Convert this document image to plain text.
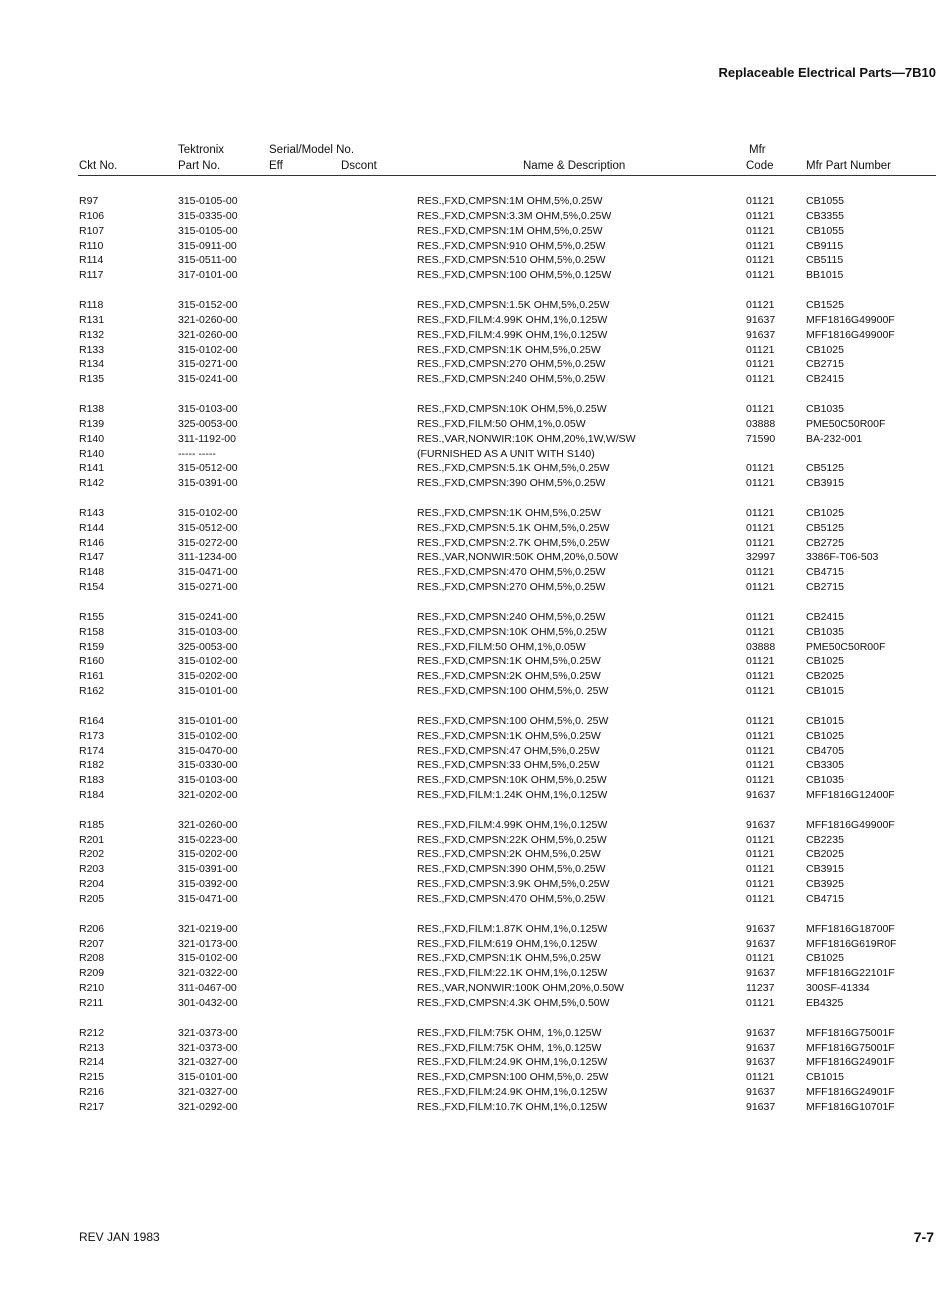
Replaceable Electrical Parts—7B10
Tektronix	Serial/Model No.	Mfr
Ckt No.	Part No.	Eff	Dscont	Name & Description	Code	Mfr Part Number
R97	315-0105-00	RES.,FXD,CMPSN:1M OHM,5%,0.25W	01121	CB1055
R106	315-0335-00	RES.,FXD,CMPSN:3.3M OHM,5%,0.25W	01121	CB3355
R107	315-0105-00	RES.,FXD,CMPSN:1M OHM,5%,0.25W	01121	CB1055
R110	315-0911-00	RES.,FXD,CMPSN:910 OHM,5%,0.25W	01121	CB9115
R114	315-0511-00	RES.,FXD,CMPSN:510 OHM,5%,0.25W	01121	CB5115
R117	317-0101-00	RES.,FXD,CMPSN:100 OHM,5%,0.125W	01121	BB1015
R118	315-0152-00	RES.,FXD,CMPSN:1.5K OHM,5%,0.25W	01121	CB1525
R131	321-0260-00	RES.,FXD,FILM:4.99K OHM,1%,0.125W	91637	MFF1816G49900F
R132	321-0260-00	RES.,FXD,FILM:4.99K OHM,1%,0.125W	91637	MFF1816G49900F
R133	315-0102-00	RES.,FXD,CMPSN:1K OHM,5%,0.25W	01121	CB1025
R134	315-0271-00	RES.,FXD,CMPSN:270 OHM,5%,0.25W	01121	CB2715
R135	315-0241-00	RES.,FXD,CMPSN:240 OHM,5%,0.25W	01121	CB2415
R138	315-0103-00	RES.,FXD,CMPSN:10K OHM,5%,0.25W	01121	CB1035
R139	325-0053-00	RES.,FXD,FILM:50 OHM,1%,0.05W	03888	PME50C50R00F
R140	311-1192-00	RES.,VAR,NONWIR:10K OHM,20%,1W,W/SW	71590	BA-232-001
R140	----- -----	(FURNISHED AS A UNIT WITH S140)
R141	315-0512-00	RES.,FXD,CMPSN:5.1K OHM,5%,0.25W	01121	CB5125
R142	315-0391-00	RES.,FXD,CMPSN:390 OHM,5%,0.25W	01121	CB3915
R143	315-0102-00	RES.,FXD,CMPSN:1K OHM,5%,0.25W	01121	CB1025
R144	315-0512-00	RES.,FXD,CMPSN:5.1K OHM,5%,0.25W	01121	CB5125
R146	315-0272-00	RES.,FXD,CMPSN:2.7K OHM,5%,0.25W	01121	CB2725
R147	311-1234-00	RES.,VAR,NONWIR:50K OHM,20%,0.50W	32997	3386F-T06-503
R148	315-0471-00	RES.,FXD,CMPSN:470 OHM,5%,0.25W	01121	CB4715
R154	315-0271-00	RES.,FXD,CMPSN:270 OHM,5%,0.25W	01121	CB2715
R155	315-0241-00	RES.,FXD,CMPSN:240 OHM,5%,0.25W	01121	CB2415
R158	315-0103-00	RES.,FXD,CMPSN:10K OHM,5%,0.25W	01121	CB1035
R159	325-0053-00	RES.,FXD,FILM:50 OHM,1%,0.05W	03888	PME50C50R00F
R160	315-0102-00	RES.,FXD,CMPSN:1K OHM,5%,0.25W	01121	CB1025
R161	315-0202-00	RES.,FXD,CMPSN:2K OHM,5%,0.25W	01121	CB2025
R162	315-0101-00	RES.,FXD,CMPSN:100 OHM,5%,0. 25W	01121	CB1015
R164	315-0101-00	RES.,FXD,CMPSN:100 OHM,5%,0. 25W	01121	CB1015
R173	315-0102-00	RES.,FXD,CMPSN:1K OHM,5%,0.25W	01121	CB1025
R174	315-0470-00	RES.,FXD,CMPSN:47 OHM,5%,0.25W	01121	CB4705
R182	315-0330-00	RES.,FXD,CMPSN:33 OHM,5%,0.25W	01121	CB3305
R183	315-0103-00	RES.,FXD,CMPSN:10K OHM,5%,0.25W	01121	CB1035
R184	321-0202-00	RES.,FXD,FILM:1.24K OHM,1%,0.125W	91637	MFF1816G12400F
R185	321-0260-00	RES.,FXD,FILM:4.99K OHM,1%,0.125W	91637	MFF1816G49900F
R201	315-0223-00	RES.,FXD,CMPSN:22K OHM,5%,0.25W	01121	CB2235
R202	315-0202-00	RES.,FXD,CMPSN:2K OHM,5%,0.25W	01121	CB2025
R203	315-0391-00	RES.,FXD,CMPSN:390 OHM,5%,0.25W	01121	CB3915
R204	315-0392-00	RES.,FXD,CMPSN:3.9K OHM,5%,0.25W	01121	CB3925
R205	315-0471-00	RES.,FXD,CMPSN:470 OHM,5%,0.25W	01121	CB4715
R206	321-0219-00	RES.,FXD,FILM:1.87K OHM,1%,0.125W	91637	MFF1816G18700F
R207	321-0173-00	RES.,FXD,FILM:619 OHM,1%,0.125W	91637	MFF1816G619R0F
R208	315-0102-00	RES.,FXD,CMPSN:1K OHM,5%,0.25W	01121	CB1025
R209	321-0322-00	RES.,FXD,FILM:22.1K OHM,1%,0.125W	91637	MFF1816G22101F
R210	311-0467-00	RES.,VAR,NONWIR:100K OHM,20%,0.50W	11237	300SF-41334
R211	301-0432-00	RES.,FXD,CMPSN:4.3K OHM,5%,0.50W	01121	EB4325
R212	321-0373-00	RES.,FXD,FILM:75K OHM, 1%,0.125W	91637	MFF1816G75001F
R213	321-0373-00	RES.,FXD,FILM:75K OHM, 1%,0.125W	91637	MFF1816G75001F
R214	321-0327-00	RES.,FXD,FILM:24.9K OHM,1%,0.125W	91637	MFF1816G24901F
R215	315-0101-00	RES.,FXD,CMPSN:100 OHM,5%,0. 25W	01121	CB1015
R216	321-0327-00	RES.,FXD,FILM:24.9K OHM,1%,0.125W	91637	MFF1816G24901F
R217	321-0292-00	RES.,FXD,FILM:10.7K OHM,1%,0.125W	91637	MFF1816G10701F
REV JAN 1983	7-7
